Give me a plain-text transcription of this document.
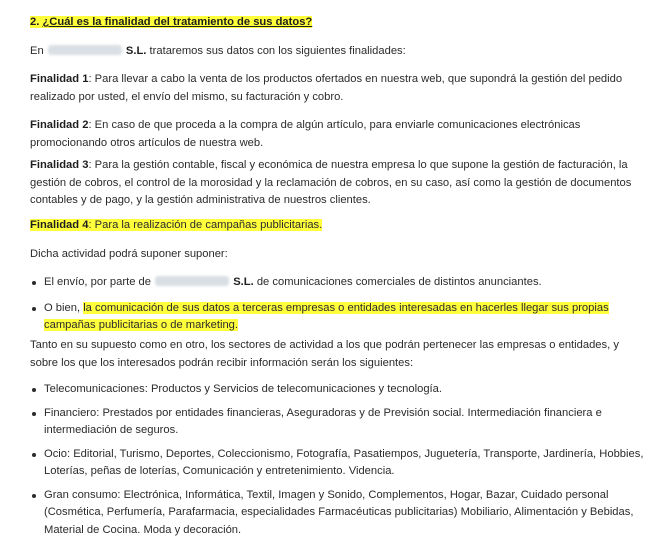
2. ¿Cuál es la finalidad del tratamiento de sus datos?

En	S.L. trataremos sus datos con los siguientes finalidades:

Finalidad 1: Para llevar a cabo la venta de los productos ofertados en nuestra web, que supondrá la gestión del pedido realizado por usted, el envío del mismo, su facturación y cobro.

Finalidad 2: En caso de que proceda a la compra de algún artículo, para enviarle comunicaciones electrónicas promocionando otros artículos de nuestra web.

Finalidad 3: Para la gestión contable, fiscal y económica de nuestra empresa lo que supone la gestión de facturación, la gestión de cobros, el control de la morosidad y la reclamación de cobros, en su caso, así como la gestión de documentos contables y de pago, y la gestión administrativa de nuestros clientes.

Finalidad 4: Para la realización de campañas publicitarias.

Dicha actividad podrá suponer suponer:

El envío, por parte de	S.L. de comunicaciones comerciales de distintos anunciantes.
O bien, la comunicación de sus datos a terceras empresas o entidades interesadas en hacerles llegar sus propias campañas publicitarias o de marketing.

Tanto en su supuesto como en otro, los sectores de actividad a los que podrán pertenecer las empresas o entidades, y sobre los que los interesados podrán recibir información serán los siguientes:

Telecomunicaciones: Productos y Servicios de telecomunicaciones y tecnología.
Financiero: Prestados por entidades financieras, Aseguradoras y de Previsión social. Intermediación financiera e intermediación de seguros.
Ocio: Editorial, Turismo, Deportes, Coleccionismo, Fotografía, Pasatiempos, Juguetería, Transporte, Jardinería, Hobbies, Loterías, peñas de loterías, Comunicación y entretenimiento. Videncia.
Gran consumo: Electrónica, Informática, Textil, Imagen y Sonido, Complementos, Hogar, Bazar, Cuidado personal (Cosmética, Perfumería, Parafarmacia, especialidades Farmacéuticas publicitarias) Mobiliario, Alimentación y Bebidas, Material de Cocina. Moda y decoración.
